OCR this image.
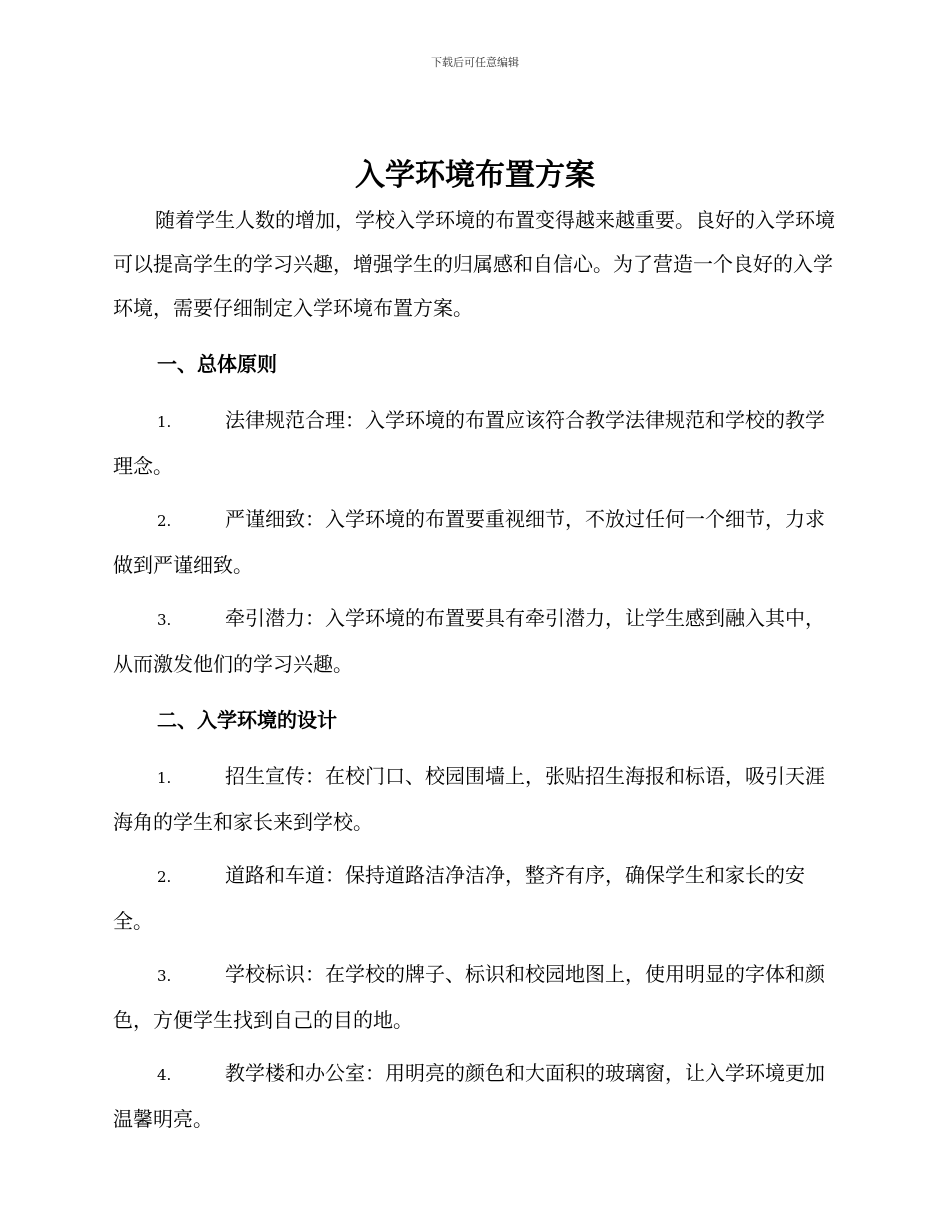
下载后可任意编辑
入学环境布置方案

随着学生人数的增加，学校入学环境的布置变得越来越重要。良好的入学环境可以提高学生的学习兴趣，增强学生的归属感和自信心。为了营造一个良好的入学环境，需要仔细制定入学环境布置方案。

一、总体原则

1.	法律规范合理：入学环境的布置应该符合教学法律规范和学校的教学理念。

2.	严谨细致：入学环境的布置要重视细节，不放过任何一个细节，力求做到严谨细致。

3.	牵引潜力：入学环境的布置要具有牵引潜力，让学生感到融入其中，从而激发他们的学习兴趣。

二、入学环境的设计

1.	招生宣传：在校门口、校园围墙上，张贴招生海报和标语，吸引天涯海角的学生和家长来到学校。

2.	道路和车道：保持道路洁净洁净，整齐有序，确保学生和家长的安全。

3.	学校标识：在学校的牌子、标识和校园地图上，使用明显的字体和颜色，方便学生找到自己的目的地。

4.	教学楼和办公室：用明亮的颜色和大面积的玻璃窗，让入学环境更加温馨明亮。
